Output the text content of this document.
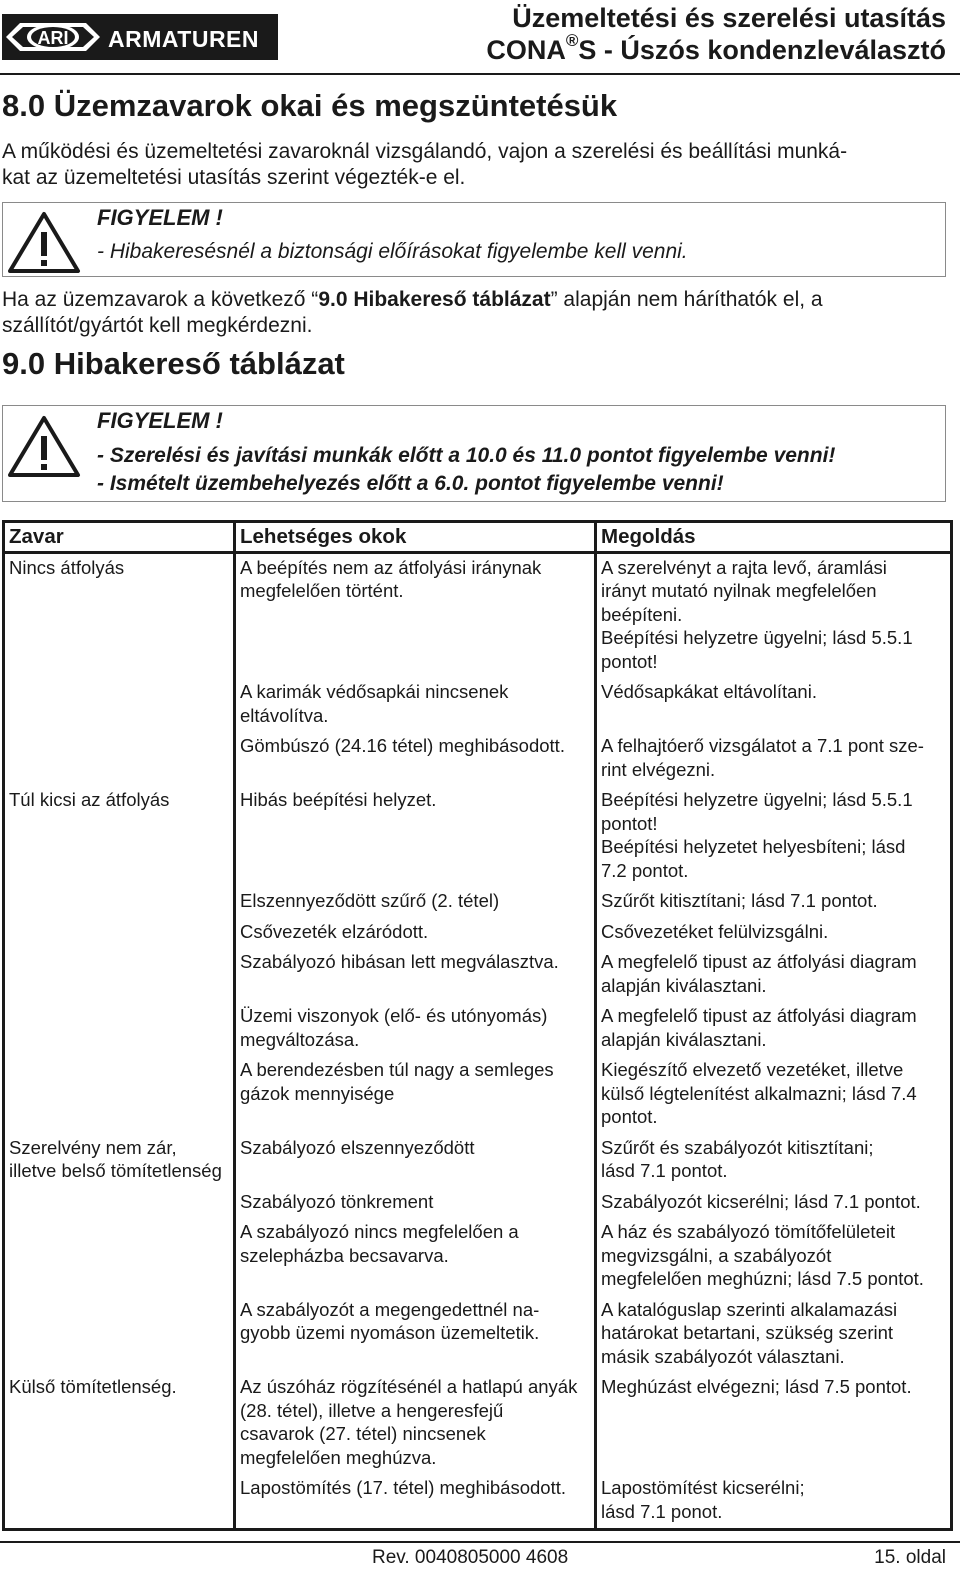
ARI ARMATUREN
Üzemeltetési és szerelési utasítás
CONA®S - Úszós kondenzleválasztó
8.0 Üzemzavarok okai és megszüntetésük
A működési és üzemeltetési zavaroknál vizsgálandó, vajon a szerelési és beállítási munká-
kat az üzemeltetési utasítás szerint végezték-e el.
FIGYELEM !
- Hibakeresésnél a biztonsági előírásokat figyelembe kell venni.
Ha az üzemzavarok a következő “9.0 Hibakereső táblázat” alapján nem háríthatók el, a
szállítót/gyártót kell megkérdezni.
9.0 Hibakereső táblázat
FIGYELEM !
- Szerelési és javítási munkák előtt a 10.0 és 11.0 pontot figyelembe venni!
- Ismételt üzembehelyezés előtt a 6.0. pontot figyelembe venni!
Zavar	Lehetséges okok	Megoldás

Nincs átfolyás	A beépítés nem az átfolyási iránynak
megfelelően történt.	A szerelvényt a rajta levő, áramlási
irányt mutató nyilnak megfelelően
beépíteni.
Beépítési helyzetre ügyelni; lásd 5.5.1
pontot!

	A karimák védősapkái nincsenek
eltávolítva.	Védősapkákat eltávolítani.

	Gömbúszó (24.16 tétel) meghibásodott.	A felhajtóerő vizsgálatot a 7.1 pont sze-
rint elvégezni.

Túl kicsi az átfolyás	Hibás beépítési helyzet.	Beépítési helyzetre ügyelni; lásd 5.5.1
pontot!
Beépítési helyzetet helyesbíteni; lásd
7.2 pontot.

	Elszennyeződött szűrő (2. tétel)	Szűrőt kitisztítani; lásd 7.1 pontot.

	Csővezeték elzáródott.	Csővezetéket felülvizsgálni.

	Szabályozó hibásan lett megválasztva.	A megfelelő tipust az átfolyási diagram
alapján kiválasztani.

	Üzemi viszonyok (elő- és utónyomás)
megváltozása.	A megfelelő tipust az átfolyási diagram
alapján kiválasztani.

	A berendezésben túl nagy a semleges
gázok mennyisége	Kiegészítő elvezető vezetéket, illetve
külső légtelenítést alkalmazni; lásd 7.4
pontot.

Szerelvény nem zár,
illetve belső tömítetlenség	Szabályozó elszennyeződött	Szűrőt és szabályozót kitisztítani;
lásd 7.1 pontot.

	Szabályozó tönkrement	Szabályozót kicserélni; lásd 7.1 pontot.

	A szabályozó nincs megfelelően a
szelepházba becsavarva.	A ház és szabályozó tömítőfelületeit
megvizsgálni, a szabályozót
megfelelően meghúzni; lásd 7.5 pontot.

	A szabályozót a megengedettnél na-
gyobb üzemi nyomáson üzemeltetik.	A katalóguslap szerinti alkalamazási
határokat betartani, szükség szerint
másik szabályozót választani.

Külső tömítetlenség.	Az úszóház rögzítésénél a hatlapú anyák
(28. tétel), illetve a hengeresfejű
csavarok (27. tétel) nincsenek
megfelelően meghúzva.	Meghúzást elvégezni; lásd 7.5 pontot.

	Lapostömítés (17. tétel) meghibásodott.	Lapostömítést kicserélni;
lásd 7.1 ponot.
Rev. 0040805000 4608	15. oldal
